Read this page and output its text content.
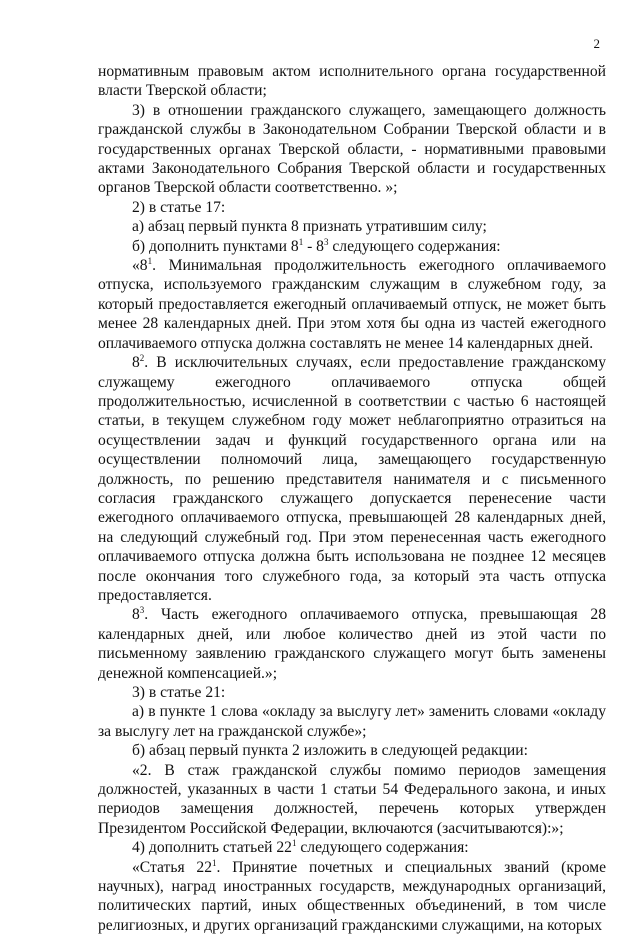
2

нормативным правовым актом исполнительного органа государственной власти Тверской области;

3) в отношении гражданского служащего, замещающего должность гражданской службы в Законодательном Собрании Тверской области и в государственных органах Тверской области, - нормативными правовыми актами Законодательного Собрания Тверской области и государственных органов Тверской области соответственно. »;

2) в статье 17:

а) абзац первый пункта 8 признать утратившим силу;

б) дополнить пунктами $8^1 - 8^3$ следующего содержания:

«$8^1$. Минимальная продолжительность ежегодного оплачиваемого отпуска, используемого гражданским служащим в служебном году, за который предоставляется ежегодный оплачиваемый отпуск, не может быть менее 28 календарных дней. При этом хотя бы одна из частей ежегодного оплачиваемого отпуска должна составлять не менее 14 календарных дней.

$8^2$. В исключительных случаях, если предоставление гражданскому служащему ежегодного оплачиваемого отпуска общей продолжительностью, исчисленной в соответствии с частью 6 настоящей статьи, в текущем служебном году может неблагоприятно отразиться на осуществлении задач и функций государственного органа или на осуществлении полномочий лица, замещающего государственную должность, по решению представителя нанимателя и с письменного согласия гражданского служащего допускается перенесение части ежегодного оплачиваемого отпуска, превышающей 28 календарных дней, на следующий служебный год. При этом перенесенная часть ежегодного оплачиваемого отпуска должна быть использована не позднее 12 месяцев после окончания того служебного года, за который эта часть отпуска предоставляется.

$8^3$. Часть ежегодного оплачиваемого отпуска, превышающая 28 календарных дней, или любое количество дней из этой части по письменному заявлению гражданского служащего могут быть заменены денежной компенсацией.»;

3) в статье 21:

а) в пункте 1 слова «окладу за выслугу лет» заменить словами «окладу за выслугу лет на гражданской службе»;

б) абзац первый пункта 2 изложить в следующей редакции:

«2. В стаж гражданской службы помимо периодов замещения должностей, указанных в части 1 статьи 54 Федерального закона, и иных периодов замещения должностей, перечень которых утвержден Президентом Российской Федерации, включаются (засчитываются):»;

4) дополнить статьей $22^1$ следующего содержания:

«Статья $22^1$. Принятие почетных и специальных званий (кроме научных), наград иностранных государств, международных организаций, политических партий, иных общественных объединений, в том числе религиозных, и других организаций гражданскими служащими, на которых
